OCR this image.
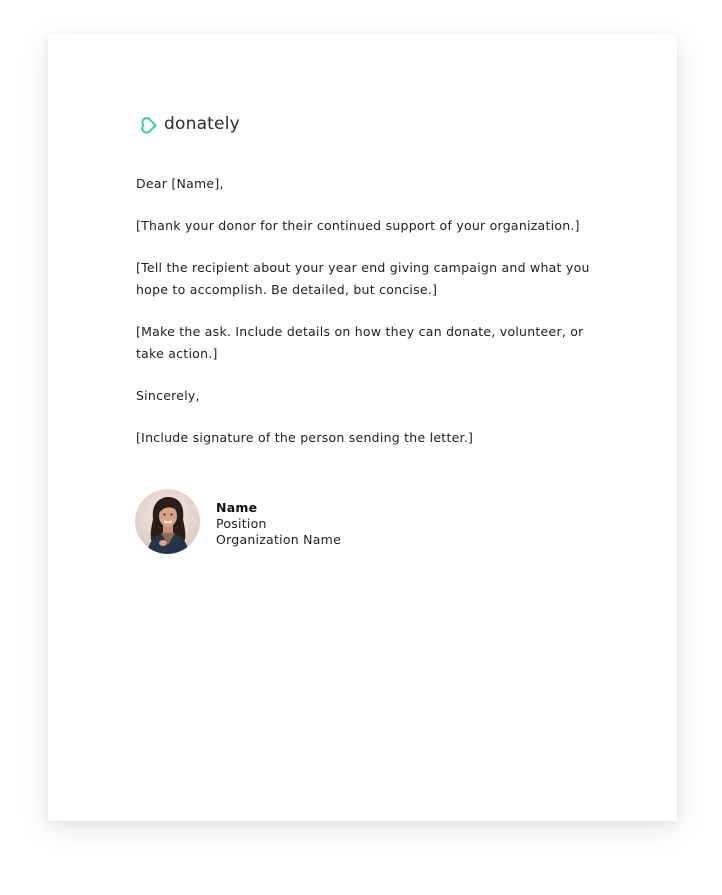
donately

Dear [Name],

[Thank your donor for their continued support of your organization.]

[Tell the recipient about your year end giving campaign and what you hope to accomplish. Be detailed, but concise.]

[Make the ask. Include details on how they can donate, volunteer, or take action.]

Sincerely,

[Include signature of the person sending the letter.]

Name
Position
Organization Name
